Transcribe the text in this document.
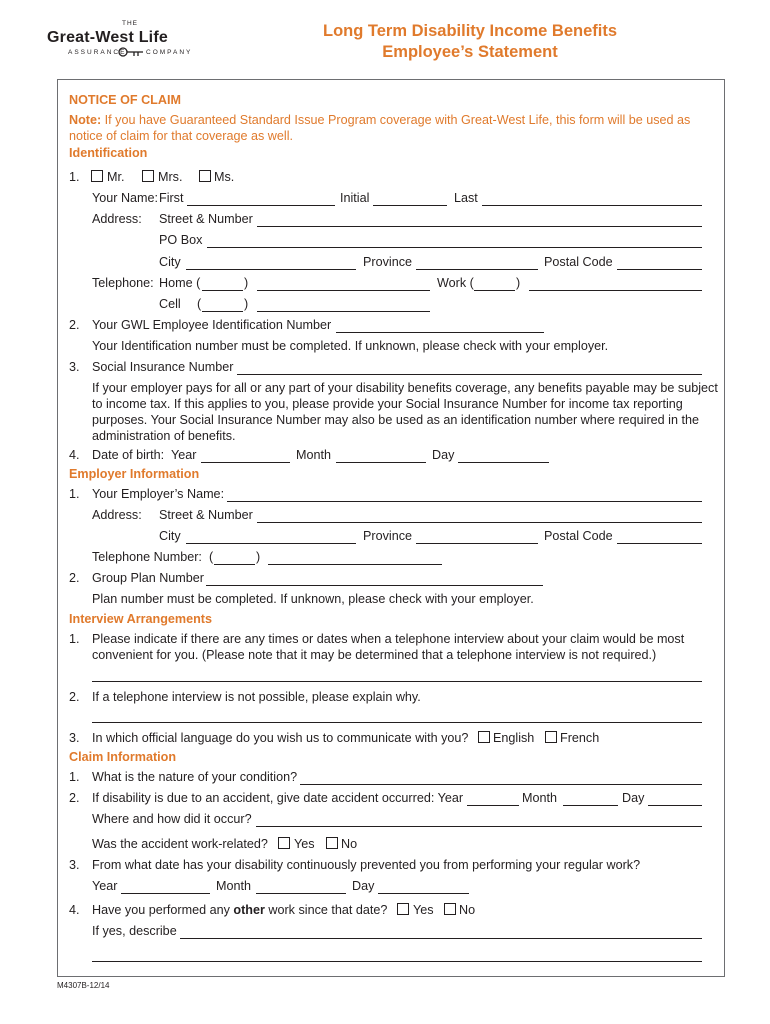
THE
Great-West Life
ASSURANCE	COMPANY
Long Term Disability Income Benefits
Employee’s Statement
NOTICE OF CLAIM
Note: If you have Guaranteed Standard Issue Program coverage with Great-West Life, this form will be used as
notice of claim for that coverage as well.
Identification
1. Mr.	Mrs.	Ms.
Your Name: First	Initial	Last
Address: Street & Number
PO Box
City	Province	Postal Code
Telephone: Home (	)	Work (	)
Cell (	)
2. Your GWL Employee Identification Number
Your Identification number must be completed. If unknown, please check with your employer.
3. Social Insurance Number
If your employer pays for all or any part of your disability benefits coverage, any benefits payable may be subject
to income tax. If this applies to you, please provide your Social Insurance Number for income tax reporting
purposes. Your Social Insurance Number may also be used as an identification number where required in the
administration of benefits.
4. Date of birth: Year	Month	Day
Employer Information
1. Your Employer’s Name:
Address: Street & Number
City	Province	Postal Code
Telephone Number: (	)
2. Group Plan Number
Plan number must be completed. If unknown, please check with your employer.
Interview Arrangements
1. Please indicate if there are any times or dates when a telephone interview about your claim would be most
convenient for you. (Please note that it may be determined that a telephone interview is not required.)
2. If a telephone interview is not possible, please explain why.
3. In which official language do you wish us to communicate with you? English French
Claim Information
1. What is the nature of your condition?
2. If disability is due to an accident, give date accident occurred: Year	Month	Day
Where and how did it occur?
Was the accident work-related? Yes No
3. From what date has your disability continuously prevented you from performing your regular work?
Year	Month	Day
4. Have you performed any other work since that date? Yes No
If yes, describe
M4307B-12/14
